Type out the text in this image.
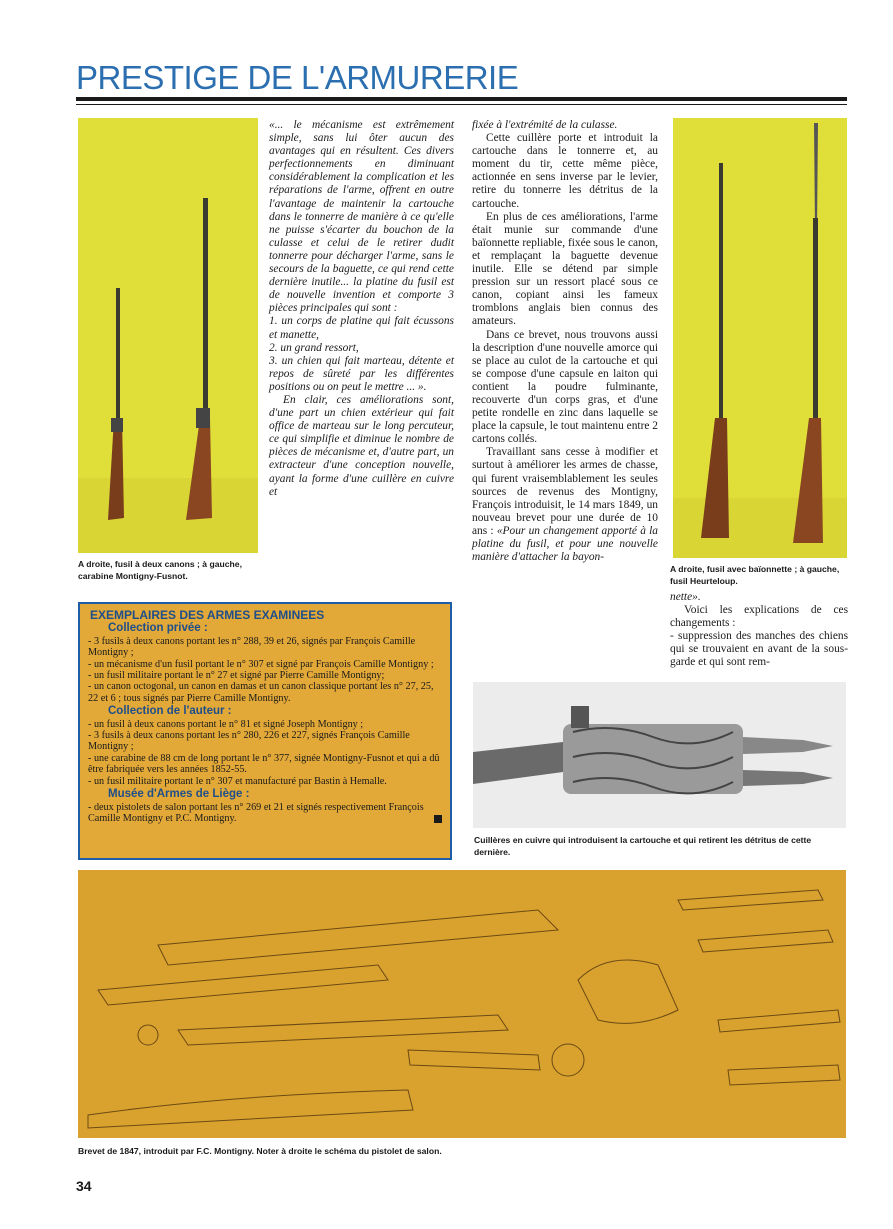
PRESTIGE DE L'ARMURERIE
A droite, fusil à deux canons ; à gauche, carabine Montigny-Fusnot.
A droite, fusil avec baïonnette ; à gauche, fusil Heurteloup.

«... le mécanisme est extrêmement simple, sans lui ôter aucun des avantages qui en résultent. Ces divers perfectionnements en diminuant considérablement la complication et les réparations de l'arme, offrent en outre l'avantage de maintenir la cartouche dans le tonnerre de manière à ce qu'elle ne puisse s'écarter du bouchon de la culasse et celui de le retirer dudit tonnerre pour décharger l'arme, sans le secours de la baguette, ce qui rend cette dernière inutile... la platine du fusil est de nouvelle invention et comporte 3 pièces principales qui sont :

1. un corps de platine qui fait écussons et manette,

2. un grand ressort,

3. un chien qui fait marteau, détente et repos de sûreté par les différentes positions ou on peut le mettre ... ».

En clair, ces améliorations sont, d'une part un chien extérieur qui fait office de marteau sur le long percuteur, ce qui simplifie et diminue le nombre de pièces de mécanisme et, d'autre part, un extracteur d'une conception nouvelle, ayant la forme d'une cuillère en cuivre et

fixée à l'extrémité de la culasse.

Cette cuillère porte et introduit la cartouche dans le tonnerre et, au moment du tir, cette même pièce, actionnée en sens inverse par le levier, retire du tonnerre les détritus de la cartouche.

En plus de ces améliorations, l'arme était munie sur commande d'une baïonnette repliable, fixée sous le canon, et remplaçant la baguette devenue inutile. Elle se détend par simple pression sur un ressort placé sous ce canon, copiant ainsi les fameux tromblons anglais bien connus des amateurs.

Dans ce brevet, nous trouvons aussi la description d'une nouvelle amorce qui se place au culot de la cartouche et qui se compose d'une capsule en laiton qui contient la poudre fulminante, recouverte d'un corps gras, et d'une petite rondelle en zinc dans laquelle se place la capsule, le tout maintenu entre 2 cartons collés.

Travaillant sans cesse à modifier et surtout à améliorer les armes de chasse, qui furent vraisemblablement les seules sources de revenus des Montigny, François introduisit, le 14 mars 1849, un nouveau brevet pour une durée de 10 ans : «Pour un changement apporté à la platine du fusil, et pour une nouvelle manière d'attacher la bayon-

nette».

Voici les explications de ces changements :

- suppression des manches des chiens qui se trouvaient en avant de la sous-garde et qui sont rem-

EXEMPLAIRES DES ARMES EXAMINEES
Collection privée :

- 3 fusils à deux canons portant les n° 288, 39 et 26, signés par François Camille Montigny ;

- un mécanisme d'un fusil portant le n° 307 et signé par François Camille Montigny ;

- un fusil militaire portant le n° 27 et signé par Pierre Camille Montigny;

- un canon octogonal, un canon en damas et un canon classique portant les n° 27, 25, 22 et 6 ; tous signés par Pierre Camille Montigny.

Collection de l'auteur :

- un fusil à deux canons portant le n° 81 et signé Joseph Montigny ;

- 3 fusils à deux canons portant les n° 280, 226 et 227, signés François Camille Montigny ;

- une carabine de 88 cm de long portant le n° 377, signée Montigny-Fusnot et qui a dû être fabriquée vers les années 1852-55.

- un fusil militaire portant le n° 307 et manufacturé par Bastin à Hemalle.

Musée d'Armes de Liège :

- deux pistolets de salon portant les n° 269 et 21 et signés respectivement François Camille Montigny et P.C. Montigny.

Cuillères en cuivre qui introduisent la cartouche et qui retirent les détritus de cette dernière.
Brevet de 1847, introduit par F.C. Montigny. Noter à droite le schéma du pistolet de salon.
34
